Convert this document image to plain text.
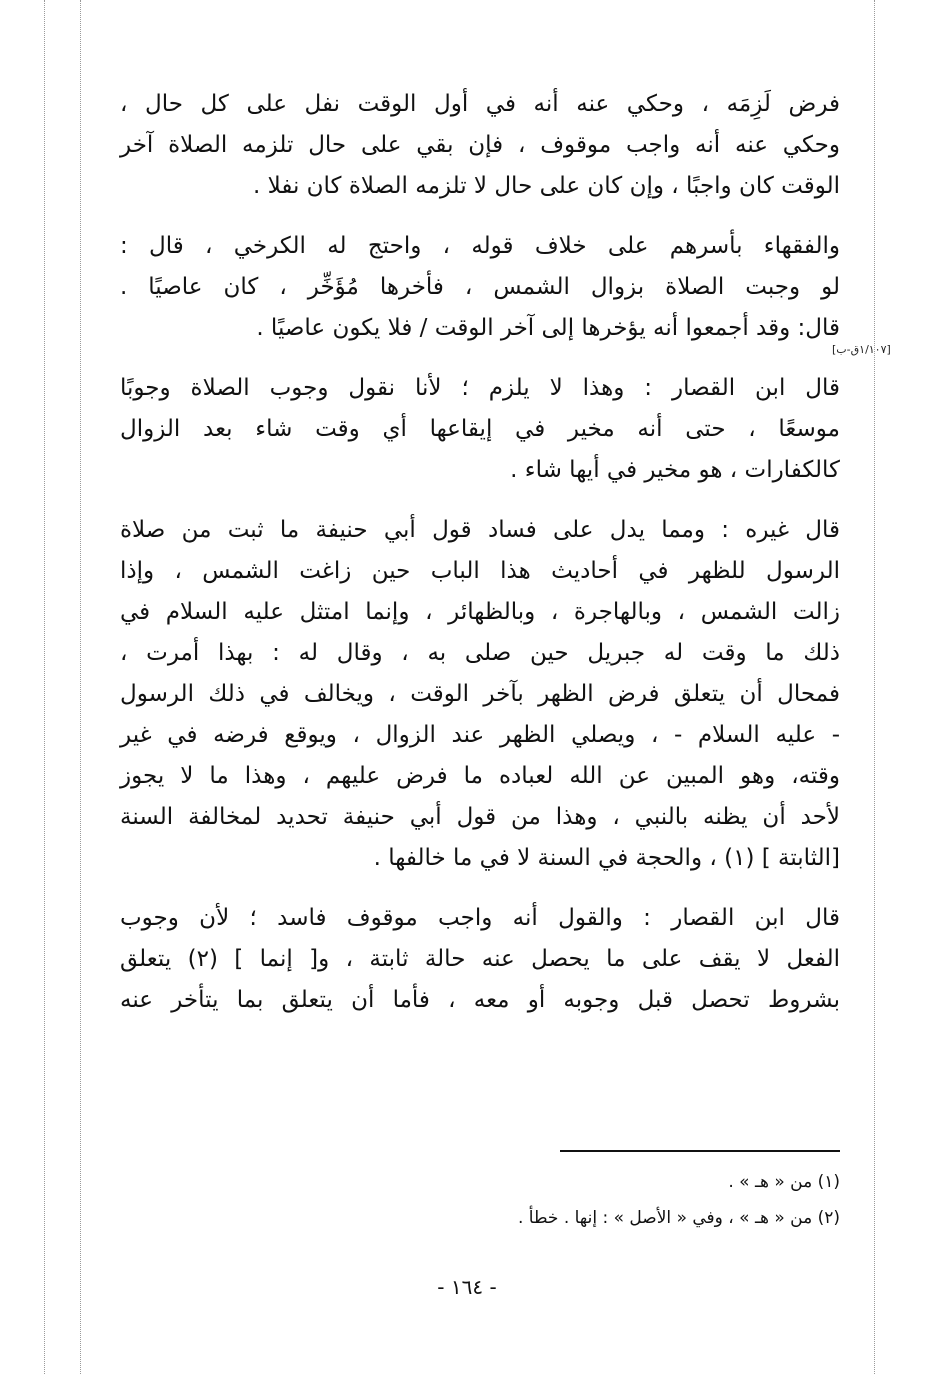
فرض لَزِمَه ، وحكي عنه أنه في أول الوقت نفل على كل حال ،
وحكي عنه أنه واجب موقوف ، فإن بقي على حال تلزمه الصلاة آخر
الوقت كان واجبًا ، وإن كان على حال لا تلزمه الصلاة كان نفلا .

والفقهاء بأسرهم على خلاف قوله ، واحتج له الكرخي ، قال :
لو وجبت الصلاة بزوال الشمس ، فأخرها مُؤَخِّر ، كان عاصيًا .
قال: وقد أجمعوا أنه يؤخرها إلى آخر الوقت / فلا يكون عاصيًا .

قال ابن القصار : وهذا لا يلزم ؛ لأنا نقول وجوب الصلاة وجوبًا
موسعًا ، حتى أنه مخير في إيقاعها أي وقت شاء بعد الزوال
كالكفارات ، هو مخير في أيها شاء .

قال غيره : ومما يدل على فساد قول أبي حنيفة ما ثبت من صلاة
الرسول للظهر في أحاديث هذا الباب حين زاغت الشمس ، وإذا
زالت الشمس ، وبالهاجرة ، وبالظهائر ، وإنما امتثل عليه السلام في
ذلك ما وقت له جبريل حين صلى به ، وقال له : بهذا أمرت ،
فمحال أن يتعلق فرض الظهر بآخر الوقت ، ويخالف في ذلك الرسول
- عليه السلام - ، ويصلي الظهر عند الزوال ، ويوقع فرضه في غير
وقته، وهو المبين عن الله لعباده ما فرض عليهم ، وهذا ما لا يجوز
لأحد أن يظنه بالنبي ، وهذا من قول أبي حنيفة تحديد لمخالفة السنة
[الثابتة ] (١) ، والحجة في السنة لا في ما خالفها .

قال ابن القصار : والقول أنه واجب موقوف فاسد ؛ لأن وجوب
الفعل لا يقف على ما يحصل عنه حالة ثابتة ، و[ إنما ] (٢) يتعلق
بشروط تحصل قبل وجوبه أو معه ، فأما أن يتعلق بما يتأخر عنه

[١/١٠٧ق-ب]
(١) من « هـ » .
(٢) من « هـ » ، وفي « الأصل » : إنها . خطأ .
- ١٦٤ -
